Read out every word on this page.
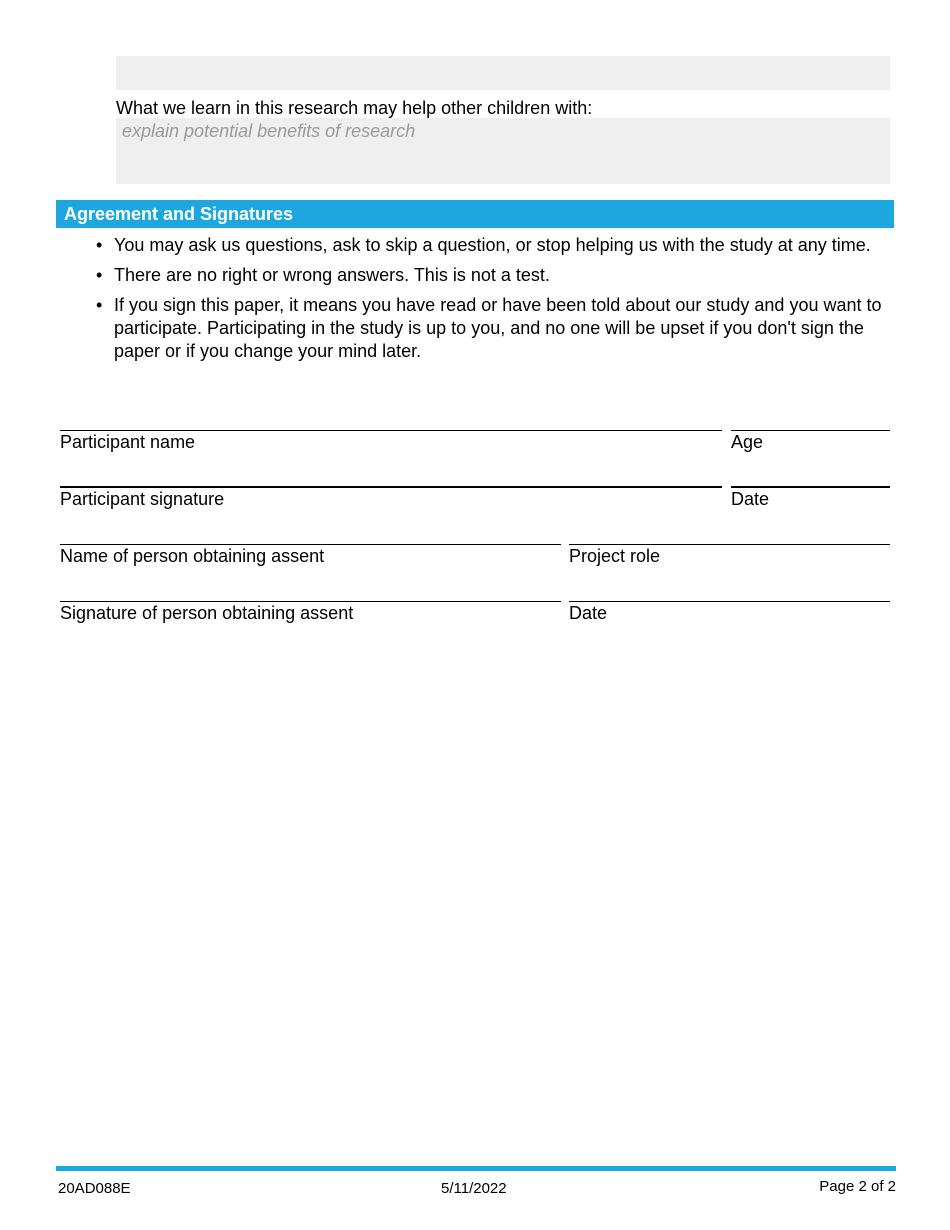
What we learn in this research may help other children with:
explain potential benefits of research
Agreement and Signatures
• You may ask us questions, ask to skip a question, or stop helping us with the study at any time.
• There are no right or wrong answers. This is not a test.
• If you sign this paper, it means you have read or have been told about our study and you want to participate. Participating in the study is up to you, and no one will be upset if you don't sign the paper or if you change your mind later.
Participant name	Age
Participant signature	Date
Name of person obtaining assent	Project role
Signature of person obtaining assent	Date
20AD088E	5/11/2022	Page 2 of 2
